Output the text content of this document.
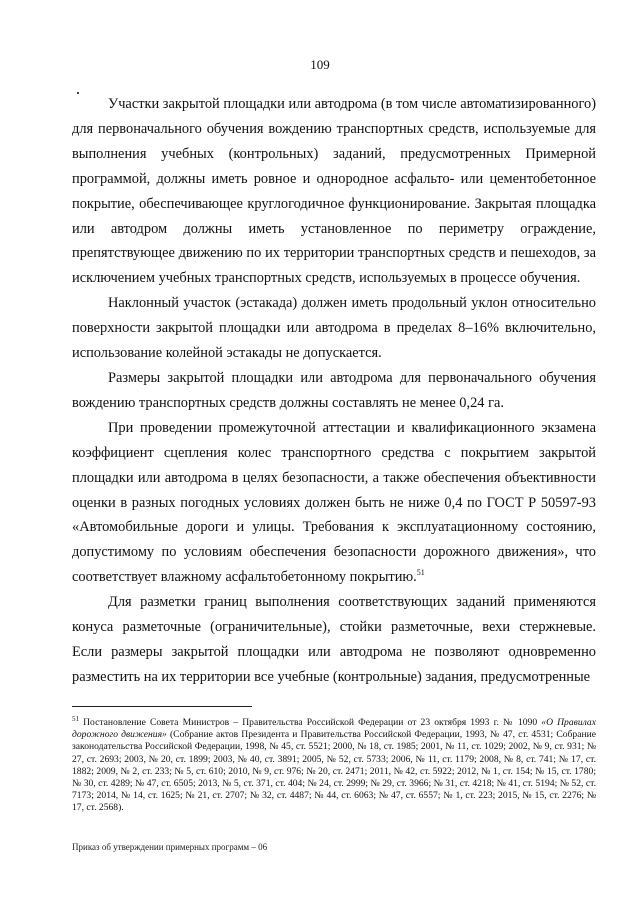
109

Участки закрытой площадки или автодрома (в том числе автоматизированного) для первоначального обучения вождению транспортных средств, используемые для выполнения учебных (контрольных) заданий, предусмотренных Примерной программой, должны иметь ровное и однородное асфальто- или цементобетонное покрытие, обеспечивающее круглогодичное функционирование. Закрытая площадка или автодром должны иметь установленное по периметру ограждение, препятствующее движению по их территории транспортных средств и пешеходов, за исключением учебных транспортных средств, используемых в процессе обучения.

Наклонный участок (эстакада) должен иметь продольный уклон относительно поверхности закрытой площадки или автодрома в пределах 8–16% включительно, использование колейной эстакады не допускается.

Размеры закрытой площадки или автодрома для первоначального обучения вождению транспортных средств должны составлять не менее 0,24 га.

При проведении промежуточной аттестации и квалификационного экзамена коэффициент сцепления колес транспортного средства с покрытием закрытой площадки или автодрома в целях безопасности, а также обеспечения объективности оценки в разных погодных условиях должен быть не ниже 0,4 по ГОСТ Р 50597-93 «Автомобильные дороги и улицы. Требования к эксплуатационному состоянию, допустимому по условиям обеспечения безопасности дорожного движения», что соответствует влажному асфальтобетонному покрытию.$^{51}$

Для разметки границ выполнения соответствующих заданий применяются конуса разметочные (ограничительные), стойки разметочные, вехи стержневые. Если размеры закрытой площадки или автодрома не позволяют одновременно разместить на их территории все учебные (контрольные) задания, предусмотренные

$^{51}$ Постановление Совета Министров – Правительства Российской Федерации от 23 октября 1993 г. № 1090 «О Правилах дорожного движения» (Собрание актов Президента и Правительства Российской Федерации, 1993, № 47, ст. 4531; Собрание законодательства Российской Федерации, 1998, № 45, ст. 5521; 2000, № 18, ст. 1985; 2001, № 11, ст. 1029; 2002, № 9, ст. 931; № 27, ст. 2693; 2003, № 20, ст. 1899; 2003, № 40, ст. 3891; 2005, № 52, ст. 5733; 2006, № 11, ст. 1179; 2008, № 8, ст. 741; № 17, ст. 1882; 2009, № 2, ст. 233; № 5, ст. 610; 2010, № 9, ст. 976; № 20, ст. 2471; 2011, № 42, ст. 5922; 2012, № 1, ст. 154; № 15, ст. 1780; № 30, ст. 4289; № 47, ст. 6505; 2013, № 5, ст. 371, ст. 404; № 24, ст. 2999; № 29, ст. 3966; № 31, ст. 4218; № 41, ст. 5194; № 52, ст. 7173; 2014, № 14, ст. 1625; № 21, ст. 2707; № 32, ст. 4487; № 44, ст. 6063; № 47, ст. 6557; № 1, ст. 223; 2015, № 15, ст. 2276; № 17, ст. 2568).
Приказ об утверждении примерных программ – 06
